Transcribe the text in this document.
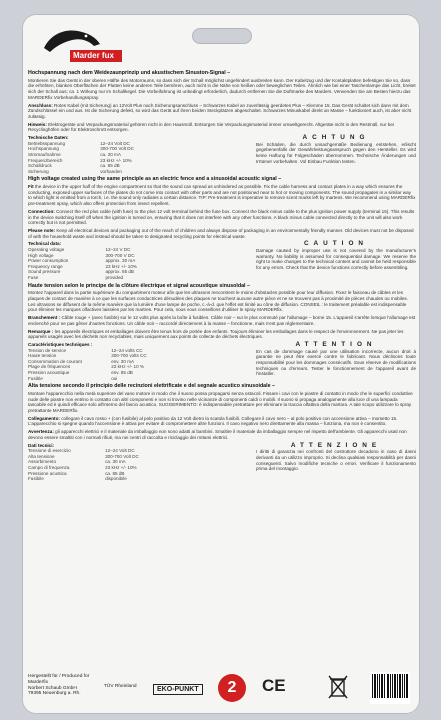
Marder fux
Hochspannung nach dem Weidezaunprinzip und akustischem Sinuston-Signal –

Montieren Sie das Gerät in der oberen Hälfte des Motorraums, so dass sich der Schall möglichst ungehindert ausbreiten kann. Der Kabelzug und der Kontaktplatten befestigen Sie so, dass die erhöhten, blanken Oberflächen der Platten keine anderen Teile berühren, auch nicht in die Nähe von heißen oder beweglichen Teilen. Ähnlich wie bei einer Taschenlampe das Licht, breitet sich der Schall aus; ca. 1 Wirkung nur im Schallkegel. Die Vorbeifahrung ist unbedingt erforderlich, dadurch entfernen Sie die Duftmarke des Marders. Verwenden Sie am Besten hierzu das MARDERfix Vorbehandlungsspray.

Anschluss: Rotes Kabel (mit Sicherung) an 12Volt Plus nach Sicherungsanschluss – Schwarzes Kabel an zuverlässig geerdetes Plus – Klemme 15. Das Gerät schaltet sich dann mit dem Zündschlüssel ein und aus. Ist die Sicherung defekt, so wird das Gerät auf ihren beiden Steckplätzen abgeschaltet. Schwarzes Minuskabel direkt an Masse – funktioniert auch, ist aber nicht zulässig.

Hinweis: Elektrogeräte und Verpackungsmaterial gehören nicht in den Hausmüll. Entsorgen Sie Verpackungsmaterial immer umweltgerecht. Altgeräte nicht in den Restmüll, nur bei Recyclinghöfen oder für Elektroschrott entsorgen.

Technische Daten:
Betriebsspannung	12–24 Volt DC
Hochspannung	300-700 Volt DC
Stromaufnahme	ca. 30 mA
Frequenzbereich	23 kHz +/- 10%
Schalldruck	ca. 85 dB
Sicherung	vorhanden
ACHTUNG
Bei Schäden, die durch unsachgemäße Bedienung entstehen, erlischt gegebenenfalls der Gewährleistungsanspruch gegen den Hersteller. Es wird keine Haftung für Folgeschäden übernommen. Technische Änderungen und Irrtümer vorbehalten. Vol Einbau Funktion testen.
High voltage created using the same principle as an electric fence and a sinusoidal acoustic signal –

Fit the device in the upper half of the engine compartment so that the sound can spread as unhindered as possible. Fix the cable harness and contact plates in a way which ensures the conducting, exposed upper surfaces of the plates do not come into contact with other parts and are not positioned near to hot or moving components. The sound propagates in a similar way to which light is emitted from a torch, i.e. the sound only radiates a certain distance. TIP: Pre-treatment is imperative to remove scent marks left by martens. We recommend using MARDERfix pre-treatment spray, which also offers protection from insect repellent.

Connection: Connect the red plus cable (with fuse) to the plus 12 volt terminal behind the fuse box. Connect the black minus cable to the plus ignition power supply (terminal 15). This results in the device switching itself off when the ignition is turned on, ensuring that it does not interfere with any other functions. A black minus cable connected directly to the unit will also work correctly but is not permitted.

Please note: Keep all electrical devices and packaging out of the reach of children and always dispose of packaging in an environmentally friendly manner. Old devices must not be disposed of with the household waste and instead should be taken to designated recycling points for electrical waste.

Technical data:
Operating voltage	12–24 V DC
High voltage	300-700 V DC
Power consumption	approx. 30 mA
Frequency range	23 kHz +/- 10%
Sound pressure	approx. 85 dB
Fuse	provided
CAUTION
Damage caused by improper use is not covered by the manufacturer's warranty. No liability is assumed for consequential damage. We reserve the right to make changes to the technical content and cannot be held responsible for any errors. Check that the device functions correctly before assembling.
Haute tension selon le principe de la clôture électrique et signal acoustique sinusoïdal –

Montez l'appareil dans la partie supérieure du compartiment moteur afin que les ultrasons rencontrent le moins d'obstacles possible pour leur diffusion. Fixez le faisceau de câbles et les plaques de contact de manière à ce que les surfaces conductrices dénudées des plaques ne touchent aucune autre pièce et ne se trouvent pas à proximité de pièces chaudes ou mobiles. Les ultrasons se diffusent de la même manière que la lumière d'une lampe de poche, c.-à-d. que l'effet est limité au cône de diffusion. CONSEIL : le traitement préalable est indispensable pour éliminer les marques olfactives laissées par les martres. Pour cela, nous vous conseillons d'utiliser le spray MARDERfix.

Branchement : Câble rouge + (avec fusible) sur le 12 volts plus après la boîte à fusibles. Câble noir – sur le plus commuté par l'allumage – borne 15. L'appareil s'arrête lorsque l'allumage est enclenché pour ne pas gêner d'autres fonctions. Un câble noir – raccordé directement à la masse – fonctionne, mais n'est pas réglementaire.

Remarque : les appareils électriques et emballages doivent être tenus hors de portée des enfants. Toujours éliminer les emballages dans le respect de l'environnement. Ne pas jeter les appareils usagés avec les déchets non recyclables, mais uniquement aux points de collecte de déchets électriques.

Caractéristiques techniques :
Tension de service	12–24 volts CC
Haute tension	300-700 volts CC
Consommation de courant	env. 30 mA
Plage de fréquences	23 kHz +/- 10 %
Pression acoustique	env. 85 dB
Fusible	oui
ATTENTION
En cas de dommage causé par une utilisation incorrecte, aucun droit à garantie ne peut être exercé contre le fabricant. Nous déclinons toute responsabilité pour les dommages consécutifs. Sous réserve de modifications techniques ou d'erreurs. Tester le fonctionnement de l'appareil avant de l'installer.
Alta tensione secondo il principio delle recinzioni elettrificate e del segnale acustico sinusoidale –

Montare l'apparecchio nella metà superiore del vano motore in modo che il suono possa propagarsi senza ostacoli. Fissare i cavi con le piastre di contatto in modo che le superfici conduttive nude delle piastre non entrino in contatto con altri componenti e non si trovino nelle vicinanze di componenti caldi o mobili. Il suono si propaga analogamente alla luce di una lampada tascabile ed è quindi efficace solo all'interno del fascio acustico. SUGGERIMENTO: è indispensabile pretrattare per eliminare la traccia olfattiva della martora. A tale scopo utilizzare lo spray pretrattante MARDERfix.

Collegamento: collegare il cavo rosso + (con fusibile) al polo positivo da 12 Volt dietro la scatola fusibili. Collegare il cavo nero – al polo positivo con accensione attiva – morsetto 15. L'apparecchio si spegne quando l'accensione è attiva per evitare di compromettere altre funzioni. Il cavo negativo nero direttamente alla massa – funziona, ma non è consentito.

Avvertenza: gli apparecchi elettrici e il materiale da imballaggio non sono adatti ai bambini. Smaltire il materiale da imballaggio sempre nel rispetto dell'ambiente. Gli apparecchi usati non devono essere smaltiti con i normali rifiuti, ma nei centri di raccolta e riciclaggio dei rottami elettrici.

Dati tecnici:
Tensione di esercizio	12–24 Volt DC
Alta tensione	300-700 Volt DC
Assorbimento	ca. 30 mA
Campo di frequenza	23 kHz +/- 10%
Pressione acustica	ca. 85 dB
Fusibile	disponibile
ATTENZIONE
I diritti di garanzia nei confronti del costruttore decadono in caso di danni derivanti da un utilizzo improprio. Si declina qualsiasi responsabilità per danni conseguenti. Salvo modifiche tecniche o errori. Verificare il funzionamento prima del montaggio.
Hergestellt für / Produced for
Marderfix
Norbert Schaub GmbH
79395 Neuenburg a. Rh.
TÜV Rheinland	EKO-PUNKT	2	CE
